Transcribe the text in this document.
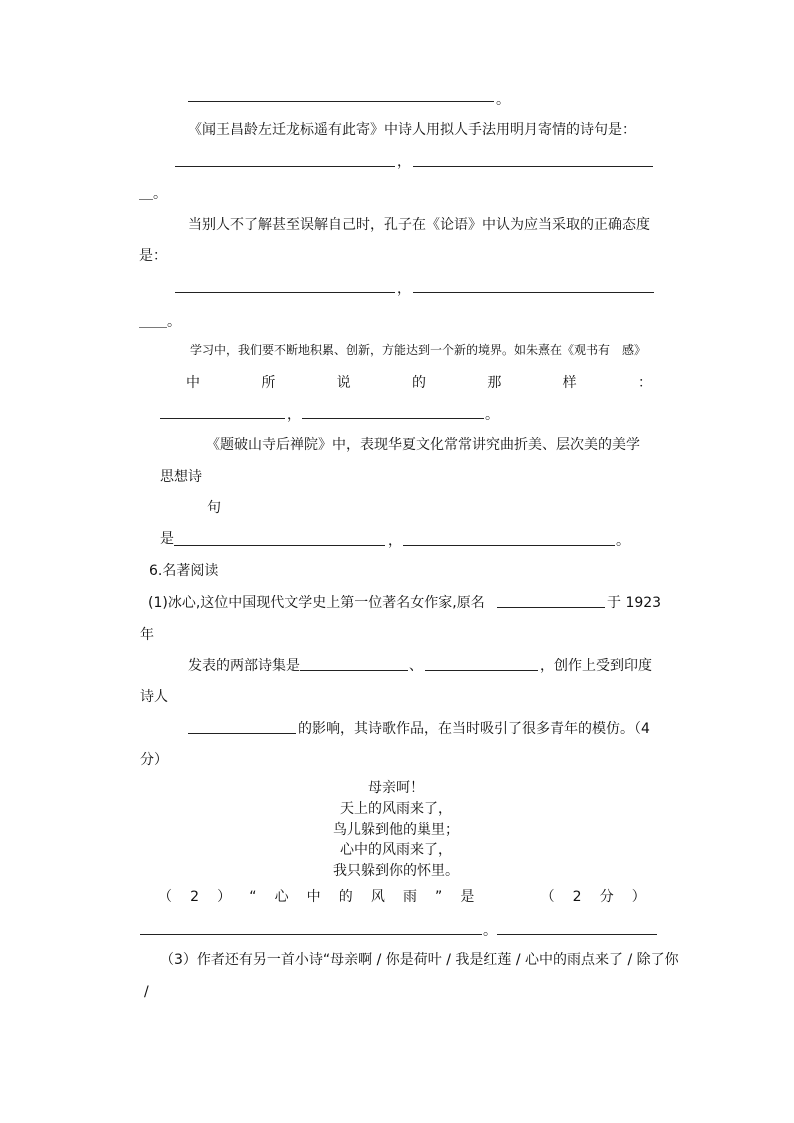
。
《闻王昌龄左迁龙标遥有此寄》中诗人用拟人手法用明月寄情的诗句是：
，
＿。
当别人不了解甚至误解自己时，孔子在《论语》中认为应当采取的正确态度
是：
，
＿＿。
学习中，我们要不断地积累、创新，方能达到一个新的境界。如朱熹在《观书有　感》
中	所	说	的	那	样	：
，	。
《题破山寺后禅院》中，表现华夏文化常常讲究曲折美、层次美的美学
思想诗
句
是	，	。
6.名著阅读
(1)冰心,这位中国现代文学史上第一位著名女作家,原名	于 1923
年
发表的两部诗集是	、	，创作上受到印度
诗人
的影响，其诗歌作品，在当时吸引了很多青年的模仿。（4
分）
母亲呵！
天上的风雨来了，
鸟儿躲到他的巢里；
心中的风雨来了，
我只躲到你的怀里。
（ 2 ） “ 心 中 的 风 雨 ” 是	（ 2 分 ）
。
（3）作者还有另一首小诗“母亲啊 / 你是荷叶 / 我是红莲 / 心中的雨点来了 / 除了你
/
